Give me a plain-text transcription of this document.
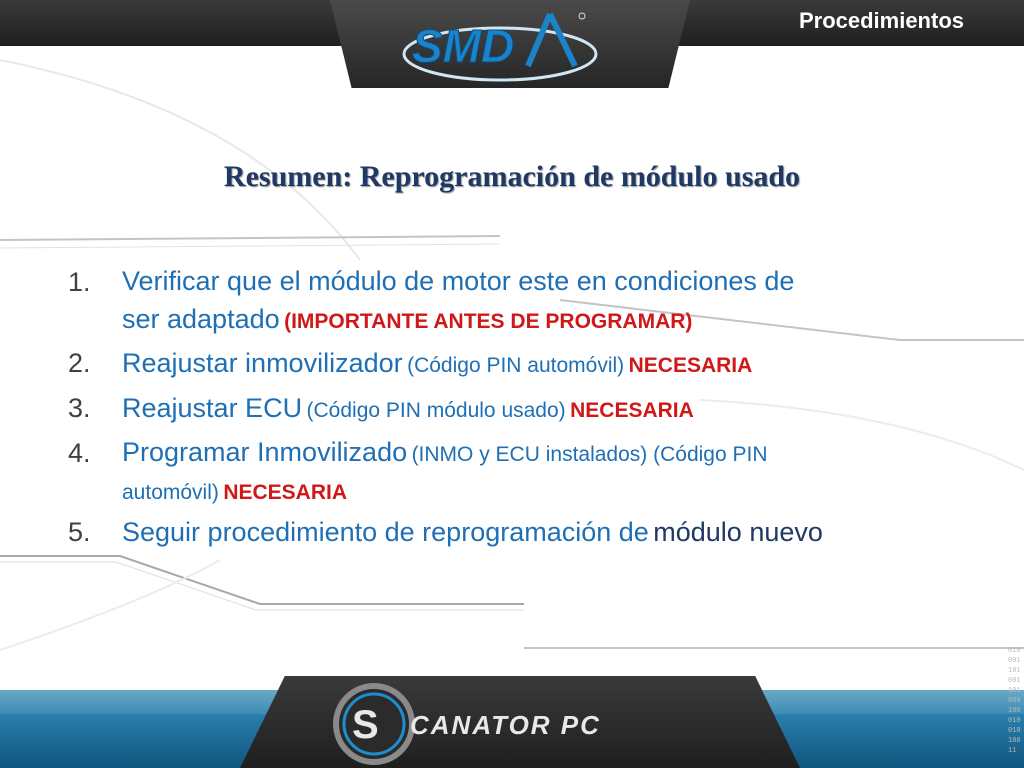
Procedimientos
SMD
Resumen: Reprogramación de módulo usado
1. Verificar que el módulo de motor este en condiciones de
ser adaptado (IMPORTANTE ANTES DE PROGRAMAR)
2. Reajustar inmovilizador (Código PIN automóvil) NECESARIA
3. Reajustar ECU (Código PIN módulo usado) NECESARIA
4. Programar Inmovilizado (INMO y ECU instalados) (Código PIN
automóvil) NECESARIA
5. Seguir procedimiento de reprogramación de módulo nuevo
S CANATOR PC
01000110100110100010001001010011
